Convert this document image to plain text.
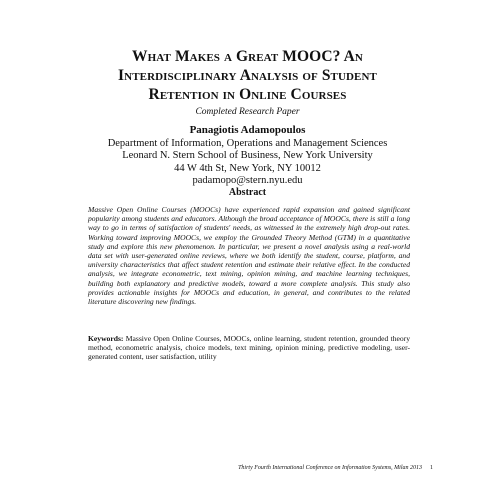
What Makes a Great MOOC? An
Interdisciplinary Analysis of Student
Retention in Online Courses
Completed Research Paper
Panagiotis Adamopoulos
Department of Information, Operations and Management Sciences
Leonard N. Stern School of Business, New York University
44 W 4th St, New York, NY 10012
padamopo@stern.nyu.edu
Abstract

Massive Open Online Courses (MOOCs) have experienced rapid expansion and gained significant popularity among students and educators. Although the broad acceptance of MOOCs, there is still a long way to go in terms of satisfaction of students' needs, as witnessed in the extremely high drop-out rates. Working toward improving MOOCs, we employ the Grounded Theory Method (GTM) in a quantitative study and explore this new phenomenon. In particular, we present a novel analysis using a real-world data set with user-generated online reviews, where we both identify the student, course, platform, and university characteristics that affect student retention and estimate their relative effect. In the conducted analysis, we integrate econometric, text mining, opinion mining, and machine learning techniques, building both explanatory and predictive models, toward a more complete analysis. This study also provides actionable insights for MOOCs and education, in general, and contributes to the related literature discovering new findings.

Keywords: Massive Open Online Courses, MOOCs, online learning, student retention, grounded theory method, econometric analysis, choice models, text mining, opinion mining, predictive modeling, user-generated content, user satisfaction, utility

Thirty Fourth International Conference on Information Systems, Milan 2013 1
